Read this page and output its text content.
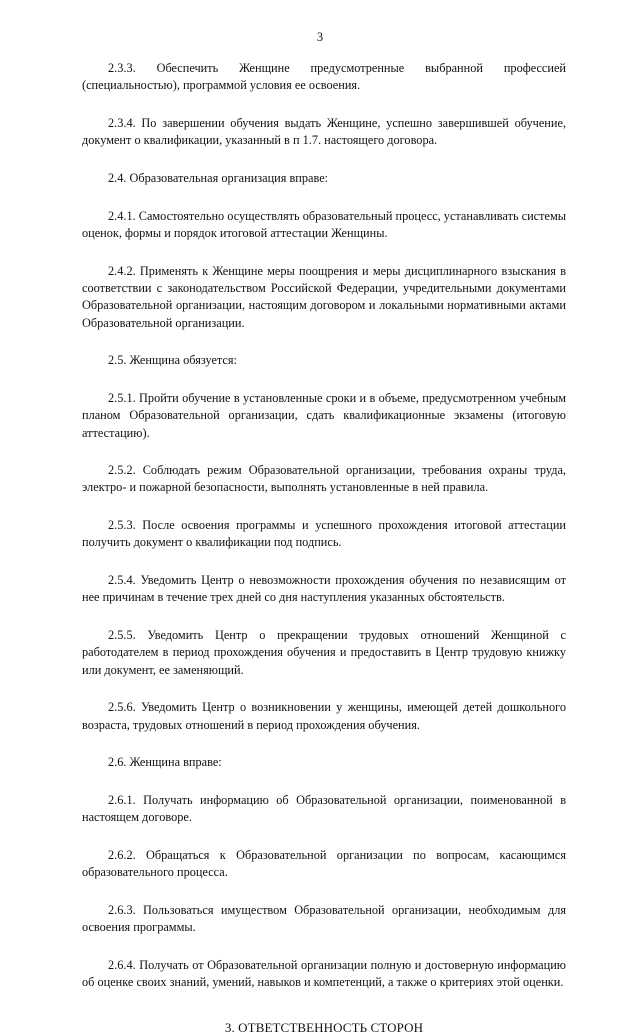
3

2.3.3. Обеспечить Женщине предусмотренные выбранной профессией (специальностью), программой условия ее освоения.

2.3.4. По завершении обучения выдать Женщине, успешно завершившей обучение, документ о квалификации, указанный в п 1.7. настоящего договора.

2.4. Образовательная организация вправе:

2.4.1. Самостоятельно осуществлять образовательный процесс, устанавливать системы оценок, формы и порядок итоговой аттестации Женщины.

2.4.2. Применять к Женщине меры поощрения и меры дисциплинарного взыскания в соответствии с законодательством Российской Федерации, учредительными документами Образовательной организации, настоящим договором и локальными нормативными актами Образовательной организации.

2.5. Женщина обязуется:

2.5.1. Пройти обучение в установленные сроки и в объеме, предусмотренном учебным планом Образовательной организации, сдать квалификационные экзамены (итоговую аттестацию).

2.5.2. Соблюдать режим Образовательной организации, требования охраны труда, электро- и пожарной безопасности, выполнять установленные в ней правила.

2.5.3. После освоения программы и успешного прохождения итоговой аттестации получить документ о квалификации под подпись.

2.5.4. Уведомить Центр о невозможности прохождения обучения по независящим от нее причинам в течение трех дней со дня наступления указанных обстоятельств.

2.5.5. Уведомить Центр о прекращении трудовых отношений Женщиной с работодателем в период прохождения обучения и предоставить в Центр трудовую книжку или документ, ее заменяющий.

2.5.6. Уведомить Центр о возникновении у женщины, имеющей детей дошкольного возраста, трудовых отношений в период прохождения обучения.

2.6. Женщина вправе:

2.6.1. Получать информацию об Образовательной организации, поименованной в настоящем договоре.

2.6.2. Обращаться к Образовательной организации по вопросам, касающимся образовательного процесса.

2.6.3. Пользоваться имуществом Образовательной организации, необходимым для освоения программы.

2.6.4. Получать от Образовательной организации полную и достоверную информацию об оценке своих знаний, умений, навыков и компетенций, а также о критериях этой оценки.

3. ОТВЕТСТВЕННОСТЬ СТОРОН
